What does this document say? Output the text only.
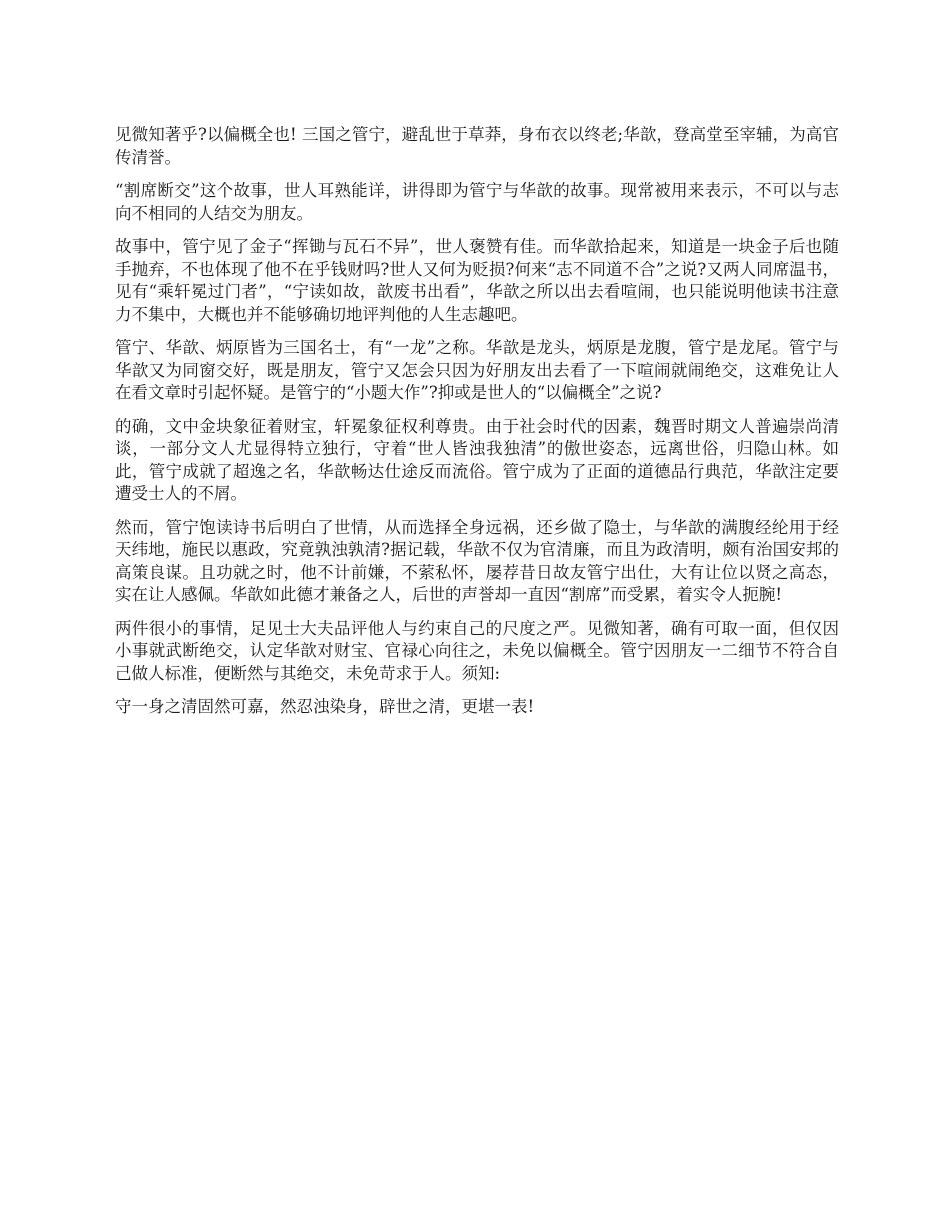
见微知著乎?以偏概全也! 三国之管宁，避乱世于草莽，身布衣以终老;华歆，登高堂至宰辅，为高官传清誉。

“割席断交”这个故事，世人耳熟能详，讲得即为管宁与华歆的故事。现常被用来表示，不可以与志向不相同的人结交为朋友。

故事中，管宁见了金子“挥锄与瓦石不异”，世人褒赞有佳。而华歆拾起来，知道是一块金子后也随手抛弃，不也体现了他不在乎钱财吗?世人又何为贬损?何来“志不同道不合”之说?又两人同席温书，见有“乘轩冕过门者”，“宁读如故，歆废书出看”，华歆之所以出去看喧闹，也只能说明他读书注意力不集中，大概也并不能够确切地评判他的人生志趣吧。

管宁、华歆、炳原皆为三国名士，有“一龙”之称。华歆是龙头，炳原是龙腹，管宁是龙尾。管宁与华歆又为同窗交好，既是朋友，管宁又怎会只因为好朋友出去看了一下喧闹就闹绝交，这难免让人在看文章时引起怀疑。是管宁的“小题大作”?抑或是世人的“以偏概全”之说?

的确，文中金块象征着财宝，轩冕象征权利尊贵。由于社会时代的因素，魏晋时期文人普遍崇尚清谈，一部分文人尤显得特立独行，守着“世人皆浊我独清”的傲世姿态，远离世俗，归隐山林。如此，管宁成就了超逸之名，华歆畅达仕途反而流俗。管宁成为了正面的道德品行典范，华歆注定要遭受士人的不屑。

然而，管宁饱读诗书后明白了世情，从而选择全身远祸，还乡做了隐士，与华歆的满腹经纶用于经天纬地，施民以惠政，究竟孰浊孰清?据记载，华歆不仅为官清廉，而且为政清明，颇有治国安邦的高策良谋。且功就之时，他不计前嫌，不萦私怀，屡荐昔日故友管宁出仕，大有让位以贤之高态，实在让人感佩。华歆如此德才兼备之人，后世的声誉却一直因“割席”而受累，着实令人扼腕!

两件很小的事情，足见士大夫品评他人与约束自己的尺度之严。见微知著，确有可取一面，但仅因小事就武断绝交，认定华歆对财宝、官禄心向往之，未免以偏概全。管宁因朋友一二细节不符合自己做人标准，便断然与其绝交，未免苛求于人。须知:

守一身之清固然可嘉，然忍浊染身，辟世之清，更堪一表!
